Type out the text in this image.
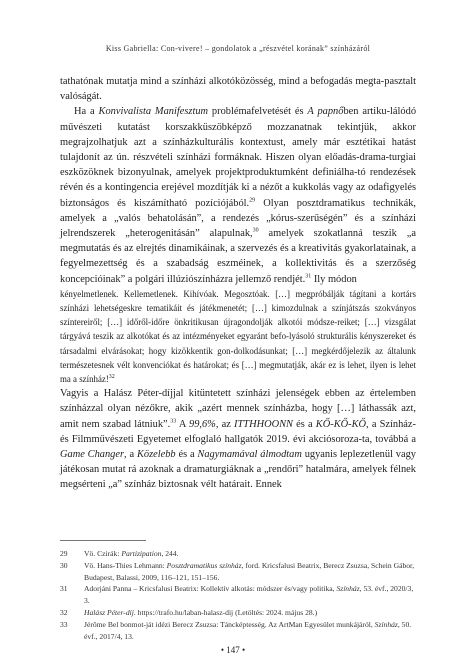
Kiss Gabriella: Con-vivere! – gondolatok a „részvétel korának” színházáról

tathatónak mutatja mind a színházi alkotóközösség, mind a befogadás megta-pasztalt valóságát.

Ha a Konvivalista Manifesztum problémafelvetését és A papnőben artiku-lálódó művészeti kutatást korszakküszöbképző mozzanatnak tekintjük, akkor megrajzolhatjuk azt a színházkulturális kontextust, amely már esztétikai hatást tulajdonít az ún. részvételi színházi formáknak. Hiszen olyan előadás-drama-turgiai eszközöknek bizonyulnak, amelyek projektproduktumként definiálha-tó rendezések révén és a kontingencia erejével mozdítják ki a nézőt a kukkolás vagy az odafigyelés biztonságos és kiszámítható pozíciójából.$^{29}$ Olyan posztdramatikus technikák, amelyek a „valós behatolásán”, a rendezés „kórus-szerűségén” és a színházi jelrendszerek „heterogenitásán” alapulnak,$^{30}$ amelyek szokatlanná teszik „a megmutatás és az elrejtés dinamikáinak, a szervezés és a kreativitás gyakorlatainak, a fegyelmezettség és a szabadság eszméinek, a kollektivitás és a szerzőség koncepcióinak” a polgári illúziószínházra jellemző rendjét.$^{31}$ Ily módon

kényelmetlenek. Kellemetlenek. Kihívóak. Megosztóak. […] megpróbálják tágítani a kortárs színházi lehetségeskre tematikáit és játékmenetét; […] kimozdulnak a színjátszás szokványos színtereiről; […] időről-időre önkritikusan újragondolják alkotói módsze-reiket; […] vizsgálat tárgyává teszik az alkotókat és az intézményeket egyaránt befo-lyásoló strukturális kényszereket és társadalmi elvárásokat; hogy kizökkentik gon-dolkodásunkat; […] megkérdőjelezik az általunk természetesnek vélt konvenciókat és határokat; és […] megmutatják, akár ez is lehet, ilyen is lehet ma a színház!$^{32}$

Vagyis a Halász Péter-díjjal kitüntetett színházi jelenségek ebben az értelemben színházzal olyan nézőkre, akik „azért mennek színházba, hogy […] láthassák azt, amit nem szabad látniuk”.$^{33}$ A 99,6%, az ITTHHOONN és a KŐ-KŐ-KŐ, a Színház- és Filmművészeti Egyetemet elfoglaló hallgatók 2019. évi akciósoroza-ta, továbbá a Game Changer, a Közelebb és a Nagymamával álmodtam ugyanis leplezetlenül vagy játékosan mutat rá azoknak a dramaturgiáknak a „rendőri” hatalmára, amelyek félnek megsérteni „a” színház biztosnak vélt határait. Ennek

29	Vö. Czirák: Partizipation, 244.
30	Vö. Hans-Thies Lehmann: Posztdramatikus színház, ford. Kricsfalusi Beatrix, Berecz Zsuzsa, Schein Gábor, Budapest, Balassi, 2009, 116–121, 151–156.
31	Adorjáni Panna – Kricsfalusi Beatrix: Kollektív alkotás: módszer és/vagy politika, Színház, 53. évf., 2020/3, 3.
32	Halász Péter-díj. https://trafo.hu/laban-halasz-dij (Letöltés: 2024. május 28.)
33	Jérôme Bel bonmot-ját idézi Berecz Zsuzsa: Táncképtesség. Az ArtMan Egyesület munkájáról, Színház, 50. évf., 2017/4, 13.
• 147 •
